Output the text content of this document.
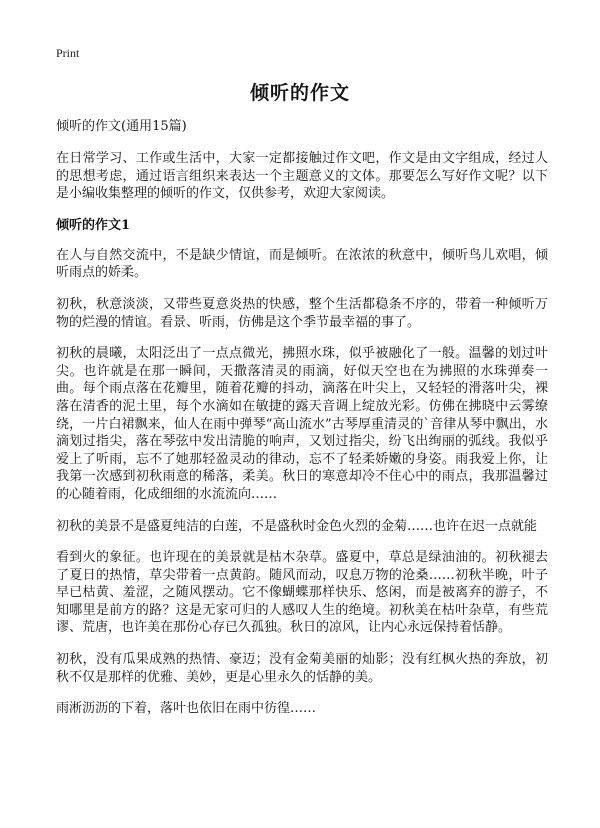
Print
倾听的作文

倾听的作文(通用15篇)

在日常学习、工作或生活中，大家一定都接触过作文吧，作文是由文字组成，经过人的思想考虑，通过语言组织来表达一个主题意义的文体。那要怎么写好作文呢？以下是小编收集整理的倾听的作文，仅供参考，欢迎大家阅读。

倾听的作文1

在人与自然交流中，不是缺少情谊，而是倾听。在浓浓的秋意中，倾听鸟儿欢唱，倾听雨点的娇柔。

初秋，秋意淡淡，又带些夏意炎热的快感，整个生活都稳条不序的，带着一种倾听万物的烂漫的情谊。看景、听雨，仿佛是这个季节最幸福的事了。

初秋的晨曦，太阳泛出了一点点微光，拂照水珠，似乎被融化了一般。温馨的划过叶尖。也许就是在那一瞬间，天撒落清灵的雨滴，好似天空也在为拂照的水珠弹奏一曲。每个雨点落在花瓣里，随着花瓣的抖动，滴落在叶尖上，又轻轻的滑落叶尖，裸落在清香的泥土里，每个水滴如在敏捷的露天音调上绽放光彩。仿佛在拂晓中云雾缭绕，一片白裙飘来，仙人在雨中弹琴“高山流水”古琴厚重清灵的`音律从琴中飘出，水滴划过指尖，落在琴弦中发出清脆的响声，又划过指尖，纷飞出绚丽的弧线。我似乎爱上了听雨，忘不了她那轻盈灵动的律动，忘不了轻柔娇嫩的身姿。雨我爱上你，让我第一次感到初秋雨意的稀落，柔美。秋日的寒意却冷不住心中的雨点，我那温馨过的心随着雨，化成细细的水流流向……

初秋的美景不是盛夏纯洁的白莲，不是盛秋时金色火烈的金菊……也许在迟一点就能

看到火的象征。也许现在的美景就是枯木杂草。盛夏中，草总是绿油油的。初秋褪去了夏日的热情，草尖带着一点黄韵。随风而动，叹息万物的沧桑……初秋半晚，叶子早已枯黄、羞涩，之随风摆动。它不像蝴蝶那样快乐、悠闲，而是被离弃的游子，不知哪里是前方的路？这是无家可归的人感叹人生的绝境。初秋美在枯叶杂草，有些荒谬、荒唐，也许美在那份心存已久孤独。秋日的凉风，让内心永远保持着恬静。

初秋，没有瓜果成熟的热情、豪迈；没有金菊美丽的灿影；没有红枫火热的奔放，初秋不仅是那样的优雅、美妙，更是心里永久的恬静的美。

雨淅沥沥的下着，落叶也依旧在雨中彷徨……
